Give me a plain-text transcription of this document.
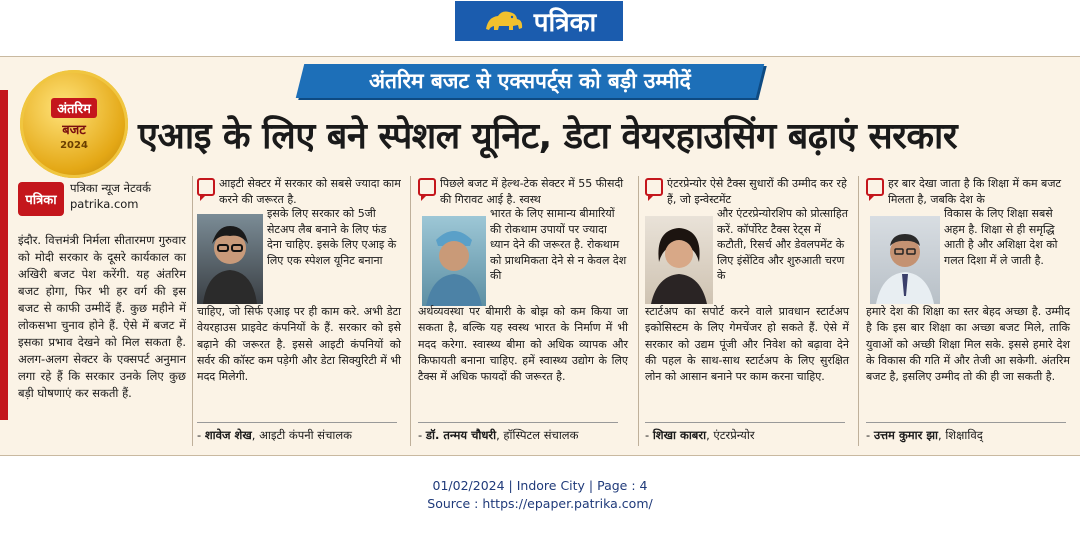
पत्रिका
अंतरिम बजट से एक्सपर्ट्स को बड़ी उम्मीदें
अंतरिम
बजट
2024 एआइ के लिए बने स्पेशल यूनिट, डेटा वेयरहाउसिंग बढ़ाएं सरकार
पत्रिका
पत्रिका न्यूज नेटवर्क
patrika.com
इंदौर. वित्तमंत्री निर्मला सीतारमण गुरुवार को मोदी सरकार के दूसरे कार्यकाल का अखिरी बजट पेश करेंगी. यह अंतरिम बजट होगा, फिर भी हर वर्ग की इस बजट से काफी उम्मीदें हैं. कुछ महीने में लोकसभा चुनाव होने हैं. ऐसे में बजट में इसका प्रभाव देखने को मिल सकता है. अलग-अलग सेक्टर के एक्सपर्ट अनुमान लगा रहे हैं कि सरकार उनके लिए कुछ बड़ी घोषणाएं कर सकती हैं.
आइटी सेक्टर में सरकार को सबसे ज्यादा काम करने की जरूरत है.
इसके लिए सरकार को 5जी सेटअप लैब बनाने के लिए फंड देना चाहिए. इसके लिए एआइ के लिए एक स्पेशल यूनिट बनाना
चाहिए, जो सिर्फ एआइ पर ही काम करे. अभी डेटा वेयरहाउस प्राइवेट कंपनियों के हैं. सरकार को इसे बढ़ाने की जरूरत है. इससे आइटी कंपनियों को सर्वर की कॉस्ट कम पड़ेगी और डेटा सिक्युरिटी में भी मदद मिलेगी.
- शावेज शेख, आइटी कंपनी संचालक
पिछले बजट में हेल्थ-टेक सेक्टर में 55 फीसदी की गिरावट आई है. स्वस्थ
भारत के लिए सामान्य बीमारियों की रोकथाम उपायों पर ज्यादा ध्यान देने की जरूरत है. रोकथाम को प्राथमिकता देने से न केवल देश की
अर्थव्यवस्था पर बीमारी के बोझ को कम किया जा सकता है, बल्कि यह स्वस्थ भारत के निर्माण में भी मदद करेगा. स्वास्थ्य बीमा को अधिक व्यापक और किफायती बनाना चाहिए. हमें स्वास्थ्य उद्योग के लिए टैक्स में अधिक फायदों की जरूरत है.
- डॉ. तन्मय चौधरी, हॉस्पिटल संचालक
एंटरप्रेन्योर ऐसे टैक्स सुधारों की उम्मीद कर रहे हैं, जो इन्वेस्टमेंट
और एंटरप्रेन्योरशिप को प्रोत्साहित करें. कॉर्पोरेट टैक्स रेट्स में कटौती, रिसर्च और डेवलपमेंट के लिए इंसेंटिव और शुरुआती चरण के
स्टार्टअप का सपोर्ट करने वाले प्रावधान स्टार्टअप इकोसिस्टम के लिए गेमचेंजर हो सकते हैं. ऐसे में सरकार को उद्यम पूंजी और निवेश को बढ़ावा देने की पहल के साथ-साथ स्टार्टअप के लिए सुरक्षित लोन को आसान बनाने पर काम करना चाहिए.
- शिखा काबरा, एंटरप्रेन्योर
हर बार देखा जाता है कि शिक्षा में कम बजट मिलता है, जबकि देश के
विकास के लिए शिक्षा सबसे अहम है. शिक्षा से ही समृद्धि आती है और अशिक्षा देश को गलत दिशा में ले जाती है.
हमारे देश की शिक्षा का स्तर बेहद अच्छा है. उम्मीद है कि इस बार शिक्षा का अच्छा बजट मिले, ताकि युवाओं को अच्छी शिक्षा मिल सके. इससे हमारे देश के विकास की गति में और तेजी आ सकेगी. अंतरिम बजट है, इसलिए उम्मीद तो की ही जा सकती है.
- उत्तम कुमार झा, शिक्षाविद्
01/02/2024 | Indore City | Page : 4
Source : https://epaper.patrika.com/
